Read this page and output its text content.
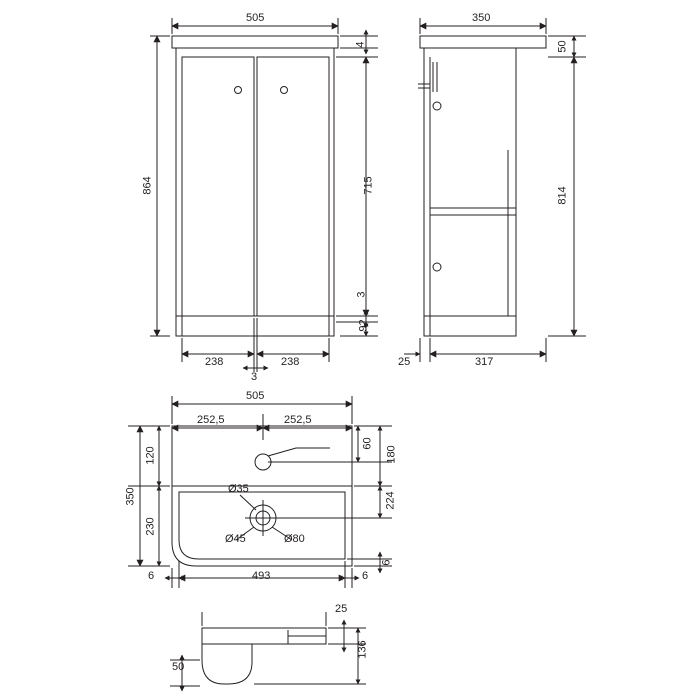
505
864
4
715
3
92
238	238
3
350
50
814
25	317
505
252,5	252,5
350
120
230
60
180
224
6
493
6	6
Ø35
Ø45	Ø80
25
136
50
